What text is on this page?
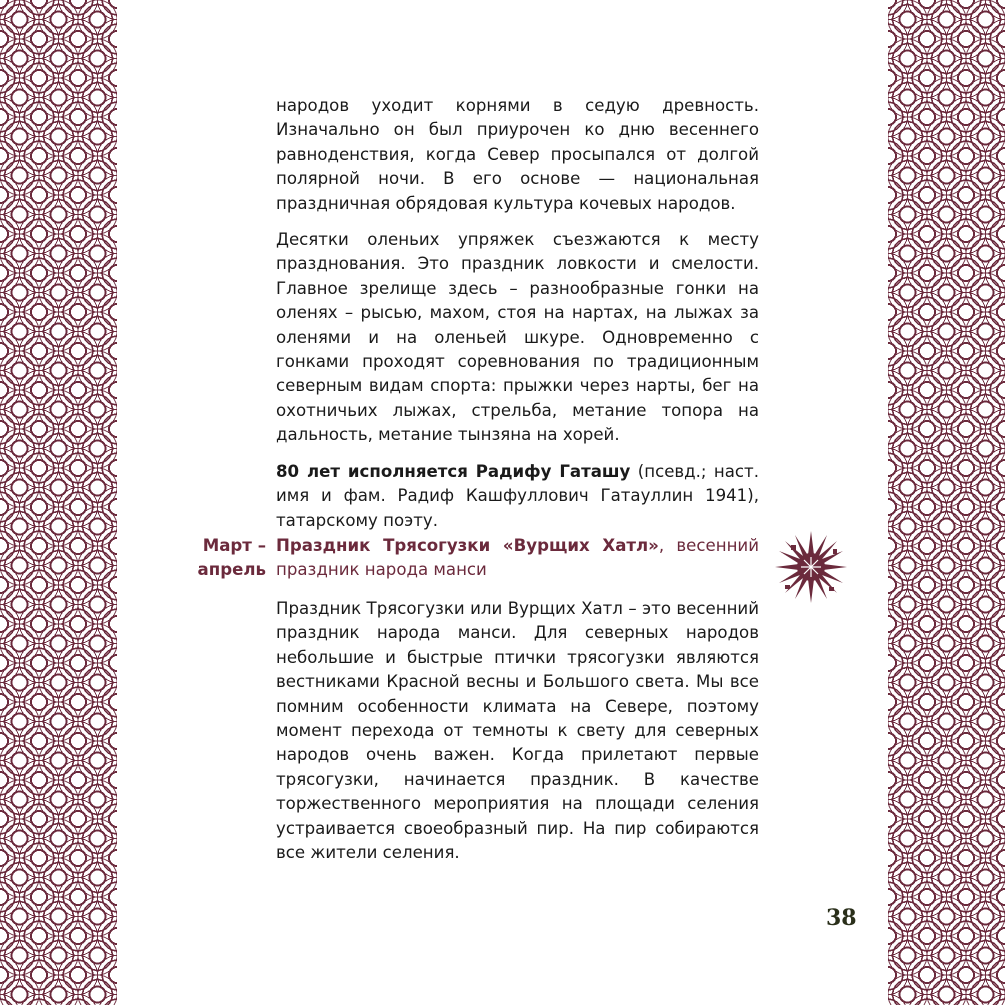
народов уходит корнями в седую древность. Изначально он был приурочен ко дню весеннего равноденствия, когда Север просыпался от долгой полярной ночи. В его основе — национальная праздничная обрядовая культура кочевых народов.

Десятки оленьих упряжек съезжаются к месту празднования. Это праздник ловкости и смелости. Главное зрелище здесь – разнообразные гонки на оленях – рысью, махом, стоя на нартах, на лыжах за оленями и на оленьей шкуре. Одновременно с гонками проходят соревнования по традиционным северным видам спорта: прыжки через нарты, бег на охотничьих лыжах, стрельба, метание топора на дальность, метание тынзяна на хорей.

80 лет исполняется Радифу Гаташу (псевд.; наст. имя и фам. Радиф Кашфуллович Гатауллин 1941), татарскому поэту.

Март –
апрель
Праздник Трясогузки «Вурщих Хатл», весенний праздник народа манси

Праздник Трясогузки или Вурщих Хатл – это весенний праздник народа манси. Для северных народов небольшие и быстрые птички трясогузки являются вестниками Красной весны и Большого света. Мы все помним особенности климата на Севере, поэтому момент перехода от темноты к свету для северных народов очень важен. Когда прилетают первые трясогузки, начинается праздник. В качестве торжественного мероприятия на площади селения устраивается своеобразный пир. На пир собираются все жители селения.

38
